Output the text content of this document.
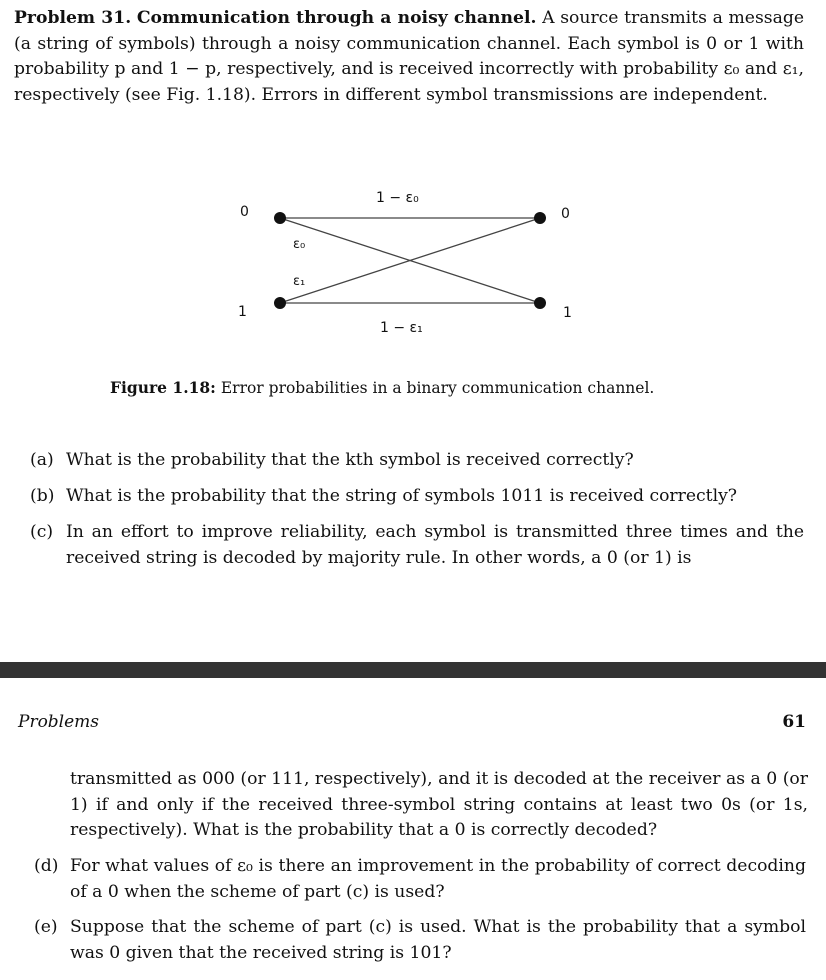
Problem 31. Communication through a noisy channel. A source transmits a message (a string of symbols) through a noisy communication channel. Each symbol is 0 or 1 with probability p and 1 − p, respectively, and is received incorrectly with probability ε₀ and ε₁, respectively (see Fig. 1.18). Errors in different symbol transmissions are independent.
0
1
0
1
1 − ε₀
1 − ε₁
ε₀
ε₁
Figure 1.18: Error probabilities in a binary communication channel.
(a) What is the probability that the kth symbol is received correctly?
(b) What is the probability that the string of symbols 1011 is received correctly?
(c) In an effort to improve reliability, each symbol is transmitted three times and the received string is decoded by majority rule. In other words, a 0 (or 1) is
Problems	61
transmitted as 000 (or 111, respectively), and it is decoded at the receiver as a 0 (or 1) if and only if the received three-symbol string contains at least two 0s (or 1s, respectively). What is the probability that a 0 is correctly decoded?
(d) For what values of ε₀ is there an improvement in the probability of correct decoding of a 0 when the scheme of part (c) is used?
(e) Suppose that the scheme of part (c) is used. What is the probability that a symbol was 0 given that the received string is 101?
